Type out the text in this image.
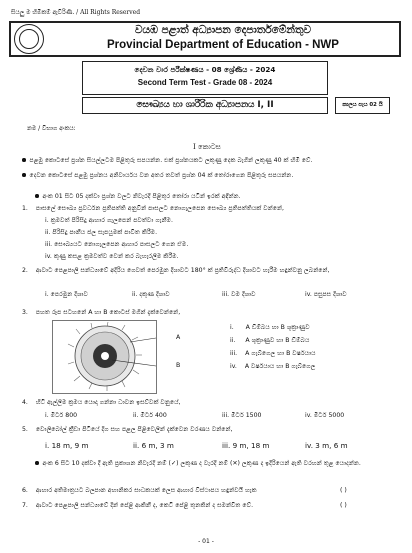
සියලු ම හිමිකම් ඇවිරිණි. / All Rights Reserved
වයඹ පළාත් අධ්‍යාපන දෙපාර්තමේන්තුව
Provincial Department of Education - NWP
දෙවන වාර පරීක්ෂණය - 08 ශ්‍රේණිය - 2024
Second Term Test - Grade 08 - 2024
සෞඛ්‍යය හා ශාරීරික අධ්‍යාපනය I, II	කාලය පැය 02 යි
නම / විභාග අංකය:
I කොටස
පළමු කොටසේ ප්‍රශ්න සියල්ලටම පිළිතුරු සපයන්න. එක් ප්‍රශ්නයකට ලකුණු දෙක බැගින් ලකුණු 40 ක් හිමි වේ.
දෙවන කොටසේ පළමු ප්‍රශ්නය අනිවාර්යය වන අතර තවත් ප්‍රශ්න 04 ක් තෝරාගෙන පිළිතුරු සපයන්න.
අංක 01 සිට 05 දක්වා ප්‍රශ්න වලට නිවැරදි පිළිතුර තෝරා යටින් ඉරක් අඳින්න.
1. පාසලේ සෞඛ්‍ය ප්‍රවර්ධන ප්‍රතිපත්ති අනුවින් පාසලට නොගැලපෙන සෞඛ්‍ය ප්‍රතිපත්තියක් වන්නේ,
i. ක්‍රමවත් පිරිසිදු ආහාර ගැලපෙන් පවත්වා ගැනීම.
ii. පිරිසිදු පානීය ජල සැපයුමක් පාවිත කිරීම.
iii. සෞඛ්‍යයට නොගැලපෙන ආහාර පාසලට ගෙන ඒම.
iv. කුණු කසළ ක්‍රමවත්ව වෙන් කර බැහැරලීම කිරීම.
2. ආවාට පෙළපාලි සන්ධ්‍යාවේ අදිරිය ගෙවත් පෙරමුන දිශාවට 180° ක් ප්‍රතිවිරුද්ධ දිශාවට හැරීම හඳුන්වනු ලබන්නේ,
i. පෙරමුන දිශාව	ii. දකුණ දිශාව	iii. වම දිශාව	iv. පසුපස දිශාව
3. පහත රූප සටහනේ A හා B කොටස් මගින් දැක්වෙන්නේ,
A
B
i. A ඩිම්බය හා B ශුක්‍රාණුව
ii. A ශුක්‍රාණුව හා B ඩිම්බය
iii. A ගැබ්ගෙල හා B වර්ෂයාය
iv. A වර්ෂයාය හා B ගැබ්ගෙල
4. හිටී ඇල්ලීම ක්‍රමය යොදා ගන්නා ධාවන ඉසව්වක් වනුයේ,
i. මීටර් 800	ii. මීටර් 400	iii. මීටර් 1500	iv. මීටර් 5000
5. වොලිබෝල් ක්‍රීඩා පිටියේ දිග සහ පළල පිළිවෙලින් දැක්වෙන වරණය වන්නේ,
i. 18 m, 9 m	ii. 6 m, 3 m	iii. 9 m, 18 m	iv. 3 m, 6 m
අංක 6 සිට 10 දක්වා දී ඇති ප්‍රකාශන නිවැරදි නම් (✓) ලකුණ ද වැරදි නම් (✕) ලකුණ ද ඉදිරියෙන් ඇති වරහන් තුළ යොදන්න.
6. ආහාර අතිමාත්‍රයට බලපාන අහානිකර සාධකයක් ලෙස ආහාර විස්ථාපය හඳුන්වයි හැක	( )
7. ආවාට පෙළපාලි සන්ධ්‍යාවේ දින් පේළි ආකිනී ද, කෙටි පේළි තුනකින් ද සමන්විත වේ.	( )
- 01 -
